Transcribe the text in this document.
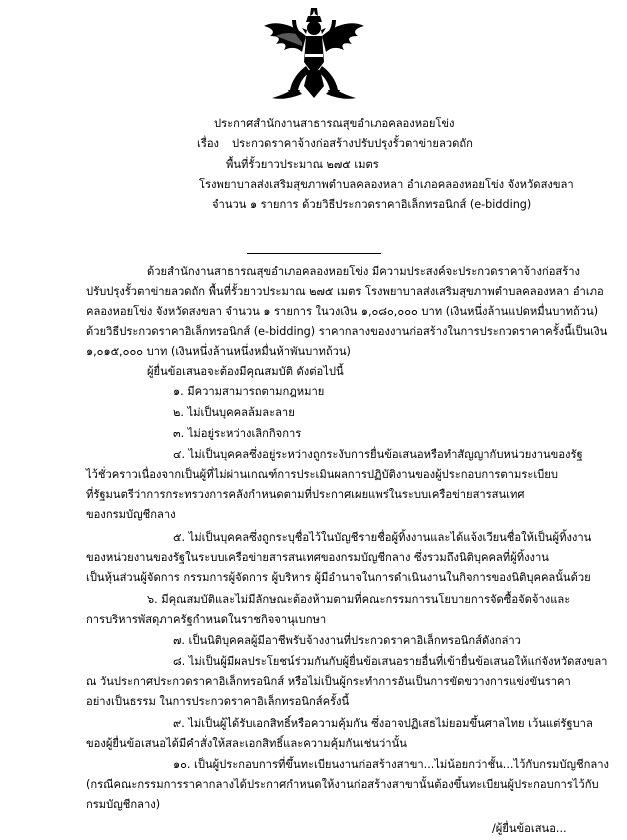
ประกาศสำนักงานสาธารณสุขอำเภอคลองหอยโข่ง
เรื่อง ประกวดราคาจ้างก่อสร้างปรับปรุงรั้วตาข่ายลวดถัก
พื้นที่รั้วยาวประมาณ ๒๗๕ เมตร
โรงพยาบาลส่งเสริมสุขภาพตำบลคลองหลา อำเภอคลองหอยโข่ง จังหวัดสงขลา
จำนวน ๑ รายการ ด้วยวิธีประกวดราคาอิเล็กทรอนิกส์ (e-bidding)
ด้วยสำนักงานสาธารณสุขอำเภอคลองหอยโข่ง มีความประสงค์จะประกวดราคาจ้างก่อสร้าง
ปรับปรุงรั้วตาข่ายลวดถัก พื้นที่รั้วยาวประมาณ ๒๗๕ เมตร โรงพยาบาลส่งเสริมสุขภาพตำบลคลองหลา อำเภอ
คลองหอยโข่ง จังหวัดสงขลา จำนวน ๑ รายการ ในวงเงิน ๑,๐๘๐,๐๐๐ บาท (เงินหนึ่งล้านแปดหมื่นบาทถ้วน)
ด้วยวิธีประกวดราคาอิเล็กทรอนิกส์ (e-bidding) ราคากลางของงานก่อสร้างในการประกวดราคาครั้งนี้เป็นเงิน
๑,๐๑๕,๐๐๐ บาท (เงินหนึ่งล้านหนึ่งหมื่นห้าพันบาทถ้วน)
ผู้ยื่นข้อเสนอจะต้องมีคุณสมบัติ ดังต่อไปนี้
๑. มีความสามารถตามกฎหมาย
๒. ไม่เป็นบุคคลล้มละลาย
๓. ไม่อยู่ระหว่างเลิกกิจการ
๔. ไม่เป็นบุคคลซึ่งอยู่ระหว่างถูกระงับการยื่นข้อเสนอหรือทำสัญญากับหน่วยงานของรัฐ
ไว้ชั่วคราวเนื่องจากเป็นผู้ที่ไม่ผ่านเกณฑ์การประเมินผลการปฏิบัติงานของผู้ประกอบการตามระเบียบ
ที่รัฐมนตรีว่าการกระทรวงการคลังกำหนดตามที่ประกาศเผยแพร่ในระบบเครือข่ายสารสนเทศ
ของกรมบัญชีกลาง
๕. ไม่เป็นบุคคลซึ่งถูกระบุชื่อไว้ในบัญชีรายชื่อผู้ทิ้งงานและได้แจ้งเวียนชื่อให้เป็นผู้ทิ้งงาน
ของหน่วยงานของรัฐในระบบเครือข่ายสารสนเทศของกรมบัญชีกลาง ซึ่งรวมถึงนิติบุคคลที่ผู้ทิ้งงาน
เป็นหุ้นส่วนผู้จัดการ กรรมการผู้จัดการ ผู้บริหาร ผู้มีอำนาจในการดำเนินงานในกิจการของนิติบุคคลนั้นด้วย
๖. มีคุณสมบัติและไม่มีลักษณะต้องห้ามตามที่คณะกรรมการนโยบายการจัดซื้อจัดจ้างและ
การบริหารพัสดุภาครัฐกำหนดในราชกิจจานุเบกษา
๗. เป็นนิติบุคคลผู้มีอาชีพรับจ้างงานที่ประกวดราคาอิเล็กทรอนิกส์ดังกล่าว
๘. ไม่เป็นผู้มีผลประโยชน์ร่วมกันกับผู้ยื่นข้อเสนอรายอื่นที่เข้ายื่นข้อเสนอให้แก่จังหวัดสงขลา
ณ วันประกาศประกวดราคาอิเล็กทรอนิกส์ หรือไม่เป็นผู้กระทำการอันเป็นการขัดขวางการแข่งขันราคา
อย่างเป็นธรรม ในการประกวดราคาอิเล็กทรอนิกส์ครั้งนี้
๙. ไม่เป็นผู้ได้รับเอกสิทธิ์หรือความคุ้มกัน ซึ่งอาจปฏิเสธไม่ยอมขึ้นศาลไทย เว้นแต่รัฐบาล
ของผู้ยื่นข้อเสนอได้มีคำสั่งให้สละเอกสิทธิ์และความคุ้มกันเช่นว่านั้น
๑๐. เป็นผู้ประกอบการที่ขึ้นทะเบียนงานก่อสร้างสาขา...ไม่น้อยกว่าชั้น...ไว้กับกรมบัญชีกลาง
(กรณีคณะกรรมการราคากลางได้ประกาศกำหนดให้งานก่อสร้างสาขานั้นต้องขึ้นทะเบียนผู้ประกอบการไว้กับ
กรมบัญชีกลาง)
/ผู้ยื่นข้อเสนอ...
